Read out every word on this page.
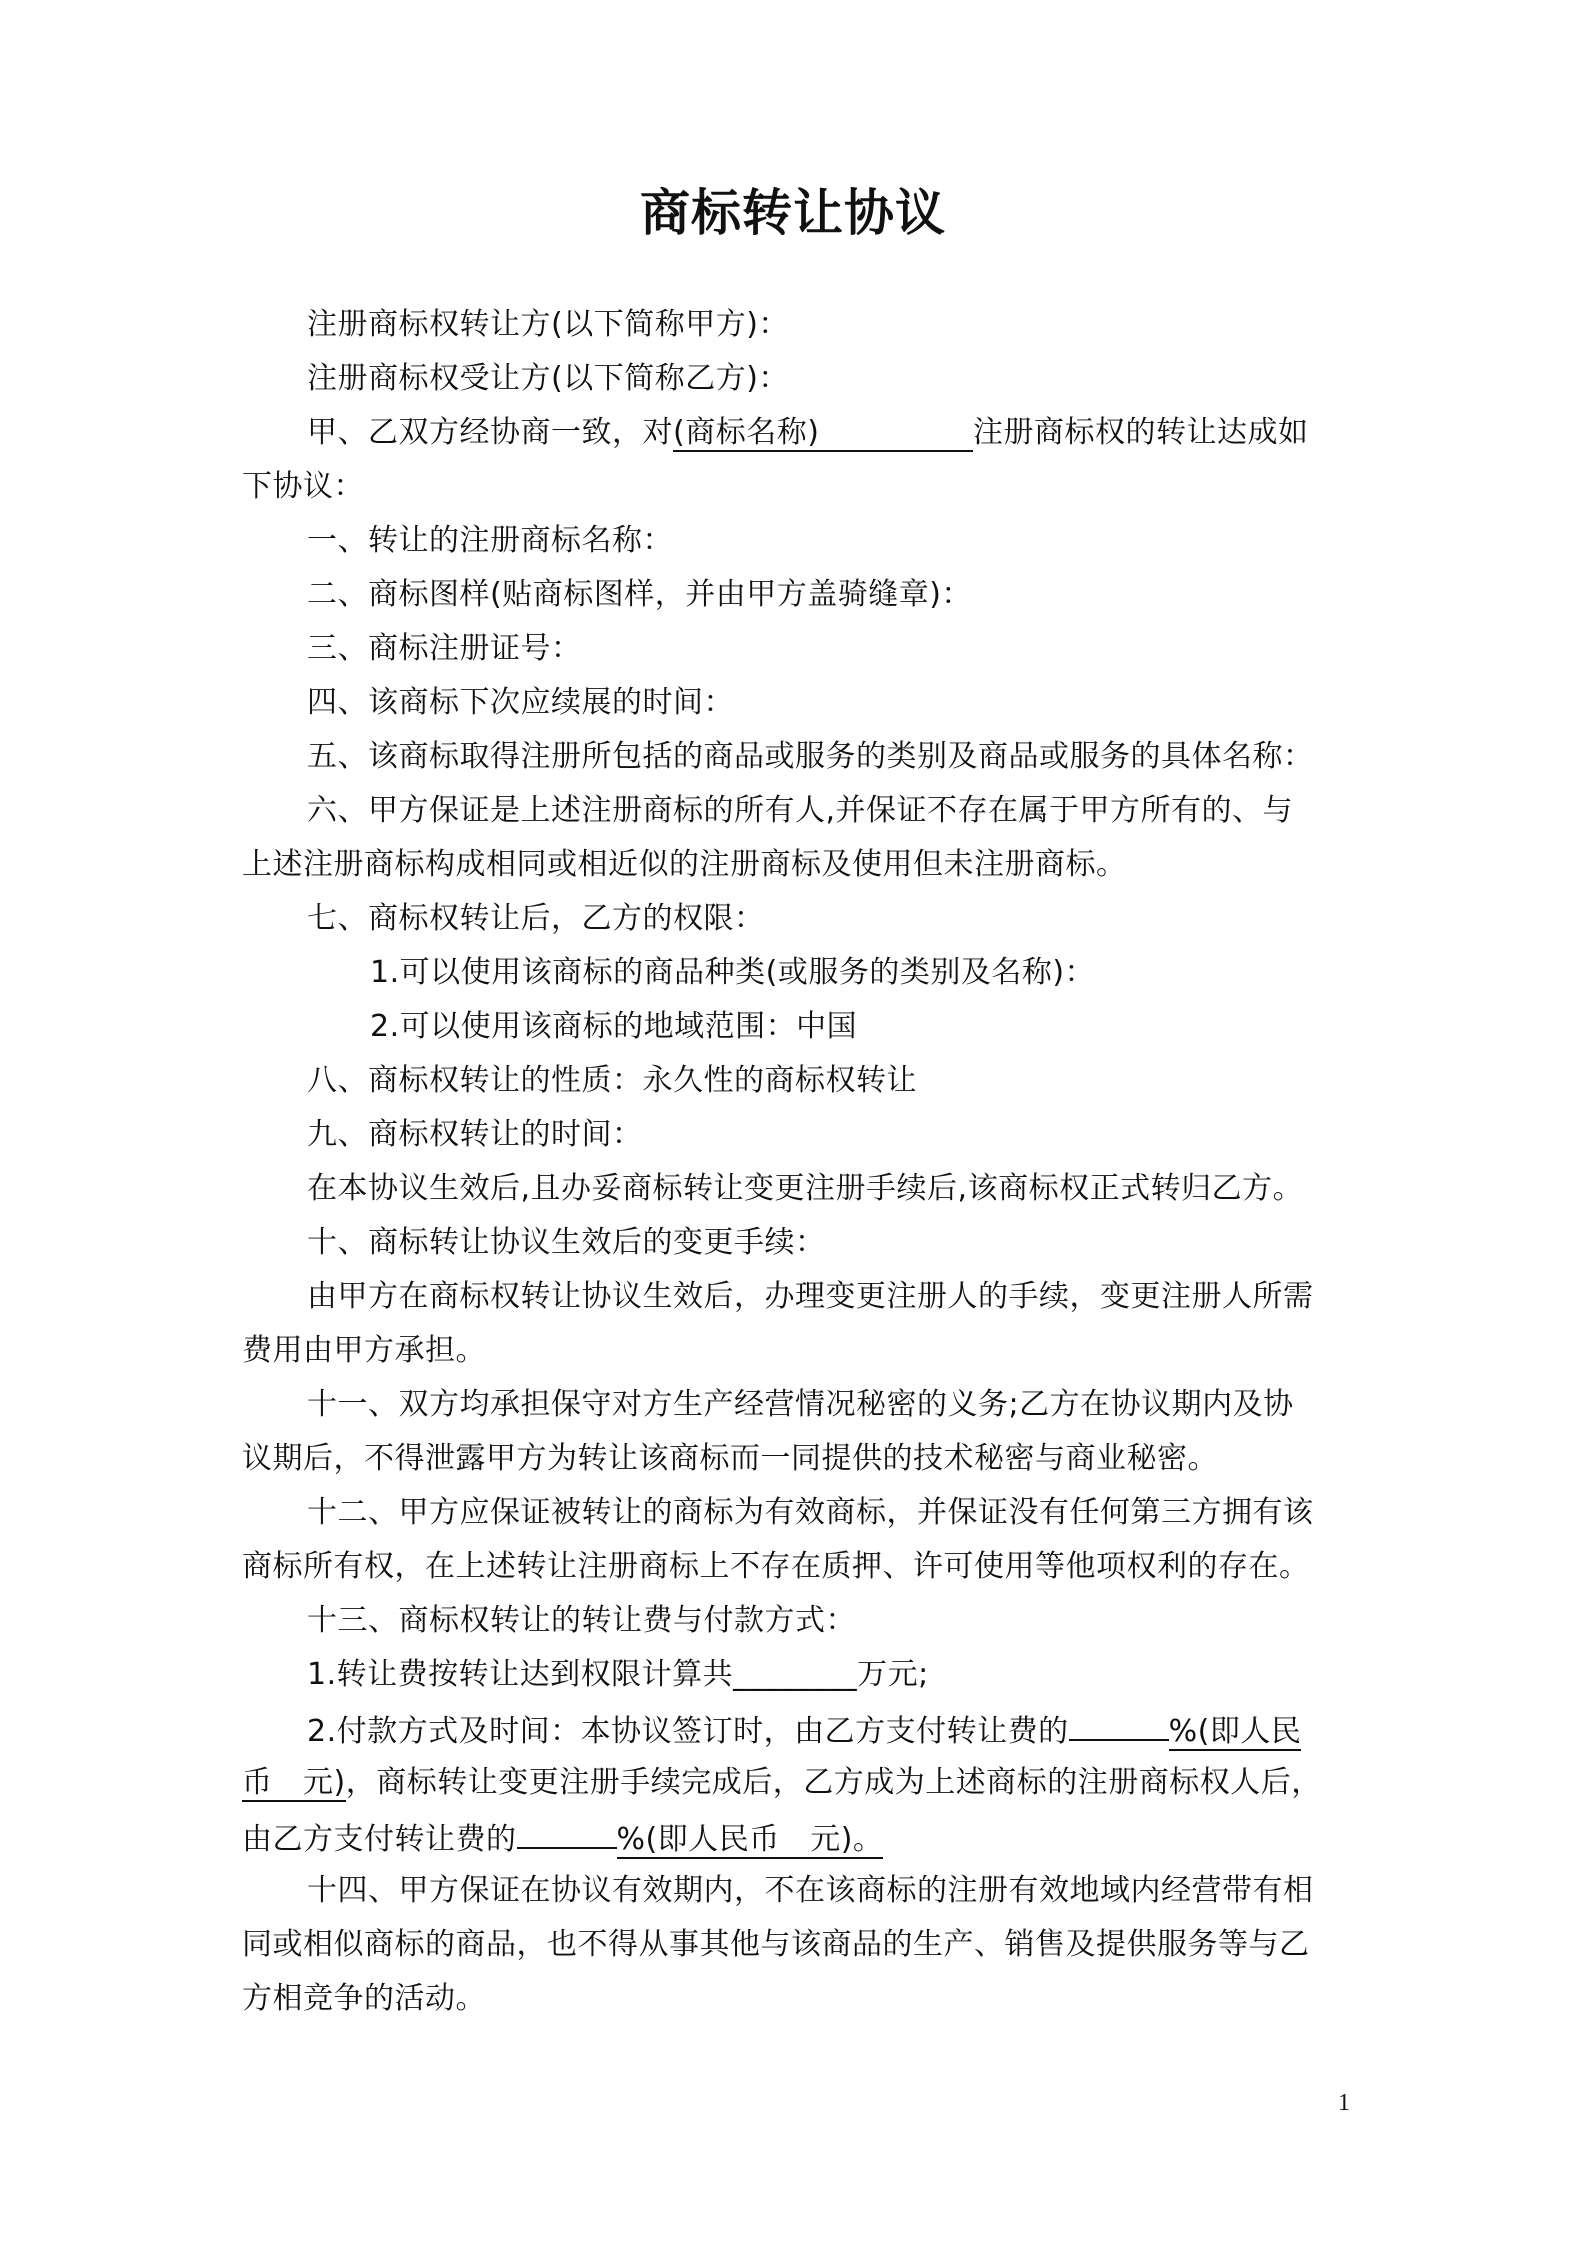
商标转让协议
注册商标权转让方(以下简称甲方)：
注册商标权受让方(以下简称乙方)：
甲、乙双方经协商一致，对(商标名称)	注册商标权的转让达成如
下协议：
一、转让的注册商标名称：
二、商标图样(贴商标图样，并由甲方盖骑缝章)：
三、商标注册证号：
四、该商标下次应续展的时间：
五、该商标取得注册所包括的商品或服务的类别及商品或服务的具体名称：
六、甲方保证是上述注册商标的所有人,并保证不存在属于甲方所有的、与
上述注册商标构成相同或相近似的注册商标及使用但未注册商标。
七、商标权转让后，乙方的权限：
1.可以使用该商标的商品种类(或服务的类别及名称)：
2.可以使用该商标的地域范围：中国
八、商标权转让的性质：永久性的商标权转让
九、商标权转让的时间：
在本协议生效后,且办妥商标转让变更注册手续后,该商标权正式转归乙方。
十、商标转让协议生效后的变更手续：
由甲方在商标权转让协议生效后，办理变更注册人的手续，变更注册人所需
费用由甲方承担。
十一、双方均承担保守对方生产经营情况秘密的义务;乙方在协议期内及协
议期后，不得泄露甲方为转让该商标而一同提供的技术秘密与商业秘密。
十二、甲方应保证被转让的商标为有效商标，并保证没有任何第三方拥有该
商标所有权，在上述转让注册商标上不存在质押、许可使用等他项权利的存在。
十三、商标权转让的转让费与付款方式：
1.转让费按转让达到权限计算共________万元;
2.付款方式及时间：本协议签订时，由乙方支付转让费的	%(即人民
币　元)，商标转让变更注册手续完成后，乙方成为上述商标的注册商标权人后，
由乙方支付转让费的	%(即人民币　元)。
十四、甲方保证在协议有效期内，不在该商标的注册有效地域内经营带有相
同或相似商标的商品，也不得从事其他与该商品的生产、销售及提供服务等与乙
方相竞争的活动。
1
